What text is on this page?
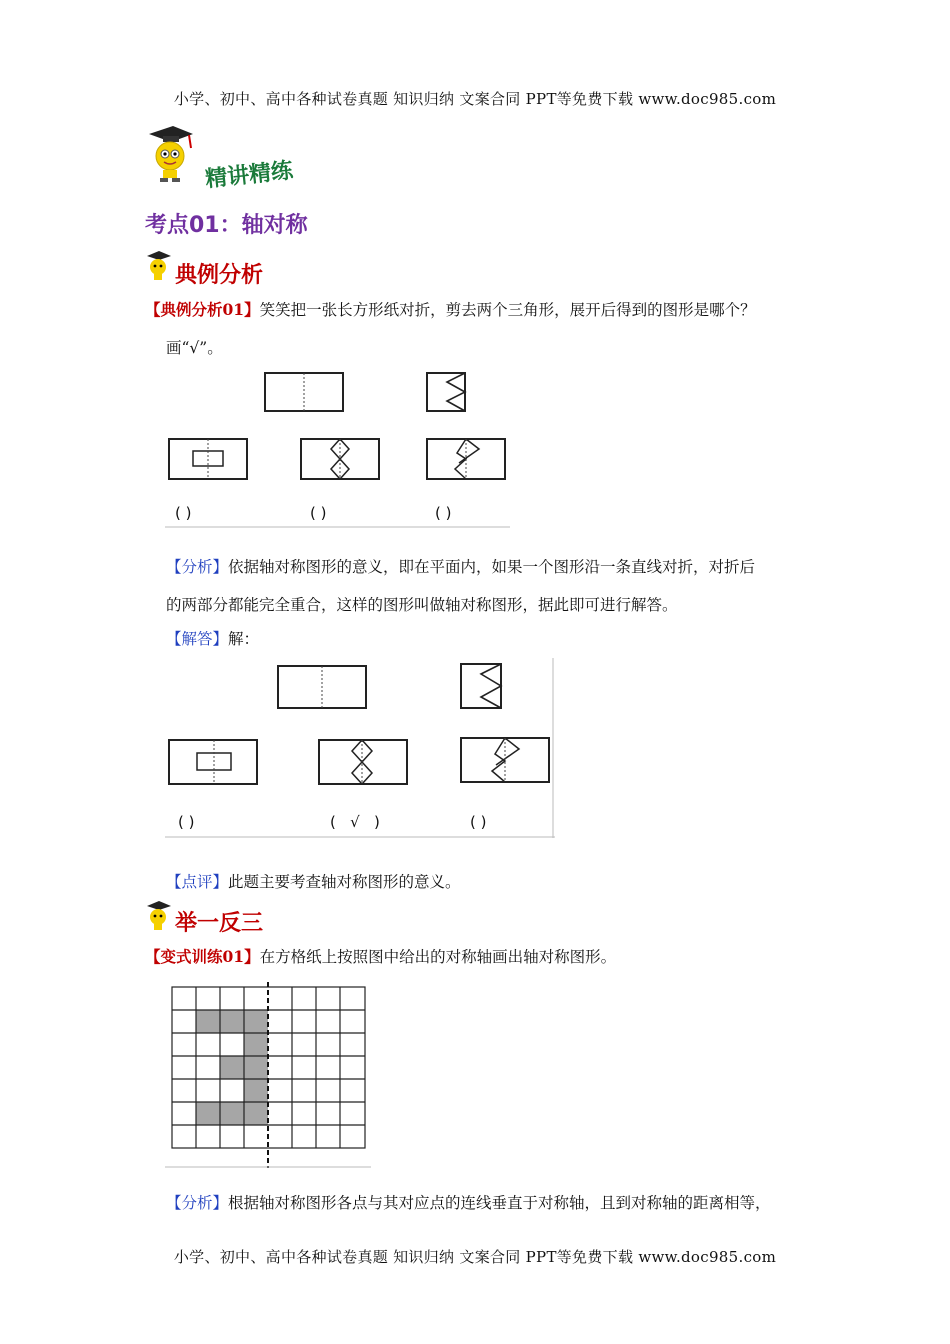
小学、初中、高中各种试卷真题 知识归纳 文案合同 PPT等免费下载 www.doc985.com
精讲精练
考点01：轴对称
典例分析
【典例分析01】笑笑把一张长方形纸对折，剪去两个三角形，展开后得到的图形是哪个？
画“√”。
( )	( )	( )
【分析】依据轴对称图形的意义，即在平面内，如果一个图形沿一条直线对折，对折后
的两部分都能完全重合，这样的图形叫做轴对称图形，据此即可进行解答。
【解答】解：
( )	(   √   )	( )
【点评】此题主要考查轴对称图形的意义。
举一反三
【变式训练01】在方格纸上按照图中给出的对称轴画出轴对称图形。
【分析】根据轴对称图形各点与其对应点的连线垂直于对称轴，且到对称轴的距离相等，
小学、初中、高中各种试卷真题 知识归纳 文案合同 PPT等免费下载 www.doc985.com
